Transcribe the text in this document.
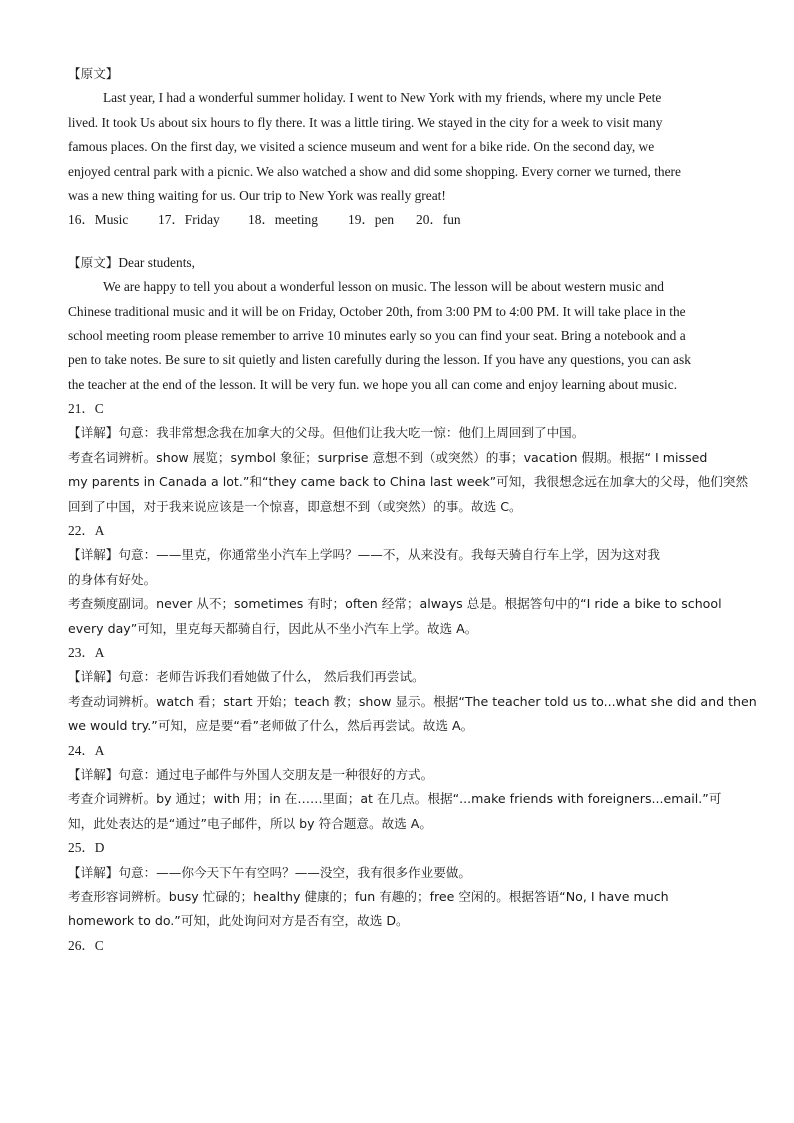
【原文】
Last year, I had a wonderful summer holiday. I went to New York with my friends, where my uncle Pete
lived. It took Us about six hours to fly there. It was a little tiring. We stayed in the city for a week to visit many
famous places. On the first day, we visited a science museum and went for a bike ride. On the second day, we
enjoyed central park with a picnic. We also watched a show and did some shopping. Every corner we turned, there
was a new thing waiting for us. Our trip to New York was really great!
16．Music 17．Friday 18．meeting 19．pen 20．fun
【原文】Dear students,
We are happy to tell you about a wonderful lesson on music. The lesson will be about western music and
Chinese traditional music and it will be on Friday, October 20th, from 3:00 PM to 4:00 PM. It will take place in the
school meeting room please remember to arrive 10 minutes early so you can find your seat. Bring a notebook and a
pen to take notes. Be sure to sit quietly and listen carefully during the lesson. If you have any questions, you can ask
the teacher at the end of the lesson. It will be very fun. we hope you all can come and enjoy learning about music.
21．C
【详解】句意：我非常想念我在加拿大的父母。但他们让我大吃一惊：他们上周回到了中国。
考查名词辨析。show 展览；symbol 象征；surprise 意想不到（或突然）的事；vacation 假期。根据“ I missed
my parents in Canada a lot.”和“they came back to China last week”可知，我很想念远在加拿大的父母，他们突然
回到了中国，对于我来说应该是一个惊喜，即意想不到（或突然）的事。故选 C。
22．A
【详解】句意：——里克，你通常坐小汽车上学吗？——不，从来没有。我每天骑自行车上学，因为这对我
的身体有好处。
考查频度副词。never 从不；sometimes 有时；often 经常；always 总是。根据答句中的“I ride a bike to school
every day”可知，里克每天都骑自行，因此从不坐小汽车上学。故选 A。
23．A
【详解】句意：老师告诉我们看她做了什么， 然后我们再尝试。
考查动词辨析。watch 看；start 开始；teach 教；show 显示。根据“The teacher told us to...what she did and then
we would try.”可知，应是要“看”老师做了什么，然后再尝试。故选 A。
24．A
【详解】句意：通过电子邮件与外国人交朋友是一种很好的方式。
考查介词辨析。by 通过；with 用；in 在……里面；at 在几点。根据“...make friends with foreigners...email.”可
知，此处表达的是“通过”电子邮件，所以 by 符合题意。故选 A。
25．D
【详解】句意：——你今天下午有空吗？——没空，我有很多作业要做。
考查形容词辨析。busy 忙碌的；healthy 健康的；fun 有趣的；free 空闲的。根据答语“No, I have much
homework to do.”可知，此处询问对方是否有空，故选 D。
26．C
